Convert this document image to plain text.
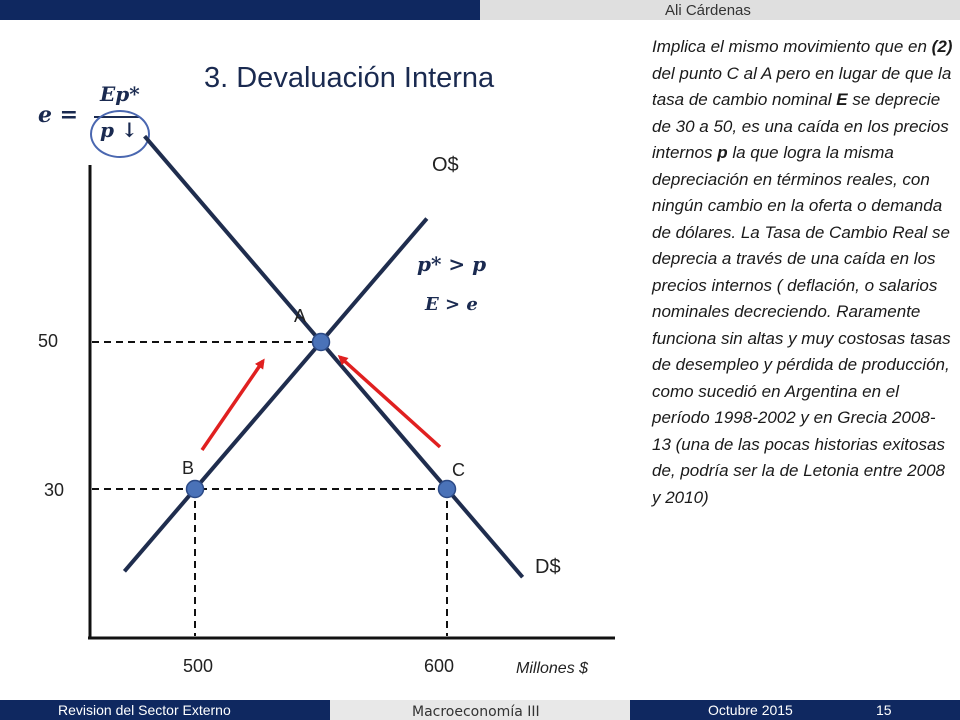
Ali Cárdenas
3. Devaluación Interna
e =
Ep*
p ↓
p* > p
E > e
O$
D$
A
B	C
50
30
500	600	Millones $
Implica el mismo movimiento que en (2) del punto C al A pero en lugar de que la tasa de cambio nominal E se deprecie de 30 a 50, es una caída en los precios internos p la que logra la misma depreciación en términos reales, con ningún cambio en la oferta o demanda de dólares. La Tasa de Cambio Real se deprecia a través de una caída en los precios internos ( deflación, o salarios nominales decreciendo. Raramente funciona sin altas y muy costosas tasas de desempleo y pérdida de producción, como sucedió en Argentina en el período 1998-2002 y en Grecia 2008-13 (una de las pocas historias exitosas de, podría ser la de Letonia entre 2008 y 2010)
Revision del Sector Externo	Macroeconomía III	Octubre 2015	15
